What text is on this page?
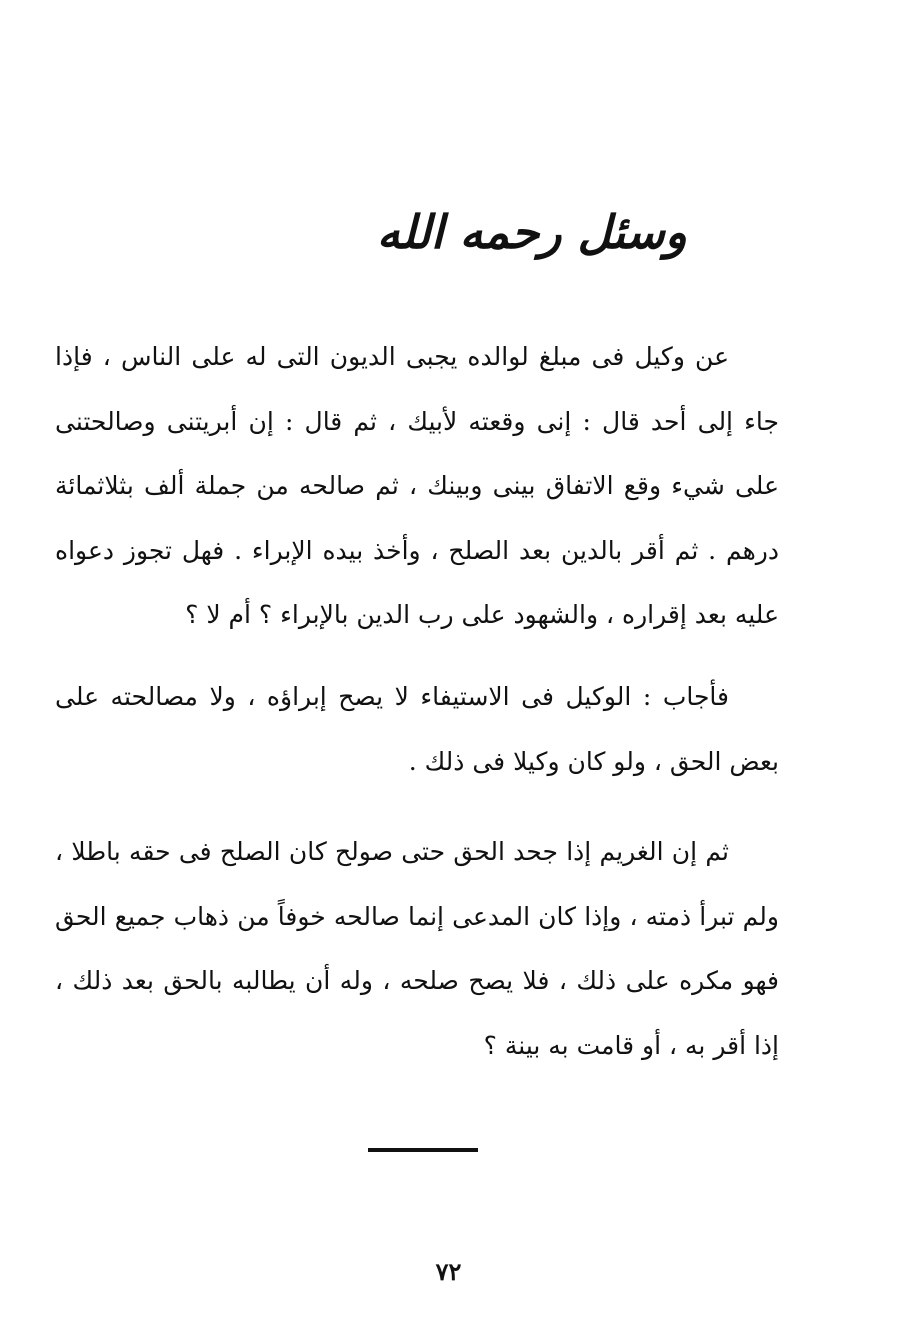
وسئل رحمه الله

عن وكيل فى مبلغ لوالده يجبى الديون التى له على الناس ، فإذا جاء إلى أحد قال : إنى وقعته لأبيك ، ثم قال : إن أبريتنى وصالحتنى على شيء وقع الاتفاق بينى وبينك ، ثم صالحه من جملة ألف بثلاثمائة درهم . ثم أقر بالدين بعد الصلح ، وأخذ بيده الإبراء . فهل تجوز دعواه عليه بعد إقراره ، والشهود على رب الدين بالإبراء ؟ أم لا ؟

فأجاب : الوكيل فى الاستيفاء لا يصح إبراؤه ، ولا مصالحته على بعض الحق ، ولو كان وكيلا فى ذلك .

ثم إن الغريم إذا جحد الحق حتى صولح كان الصلح فى حقه باطلا ، ولم تبرأ ذمته ، وإذا كان المدعى إنما صالحه خوفاً من ذهاب جميع الحق فهو مكره على ذلك ، فلا يصح صلحه ، وله أن يطالبه بالحق بعد ذلك ، إذا أقر به ، أو قامت به بينة ؟

٧٢
